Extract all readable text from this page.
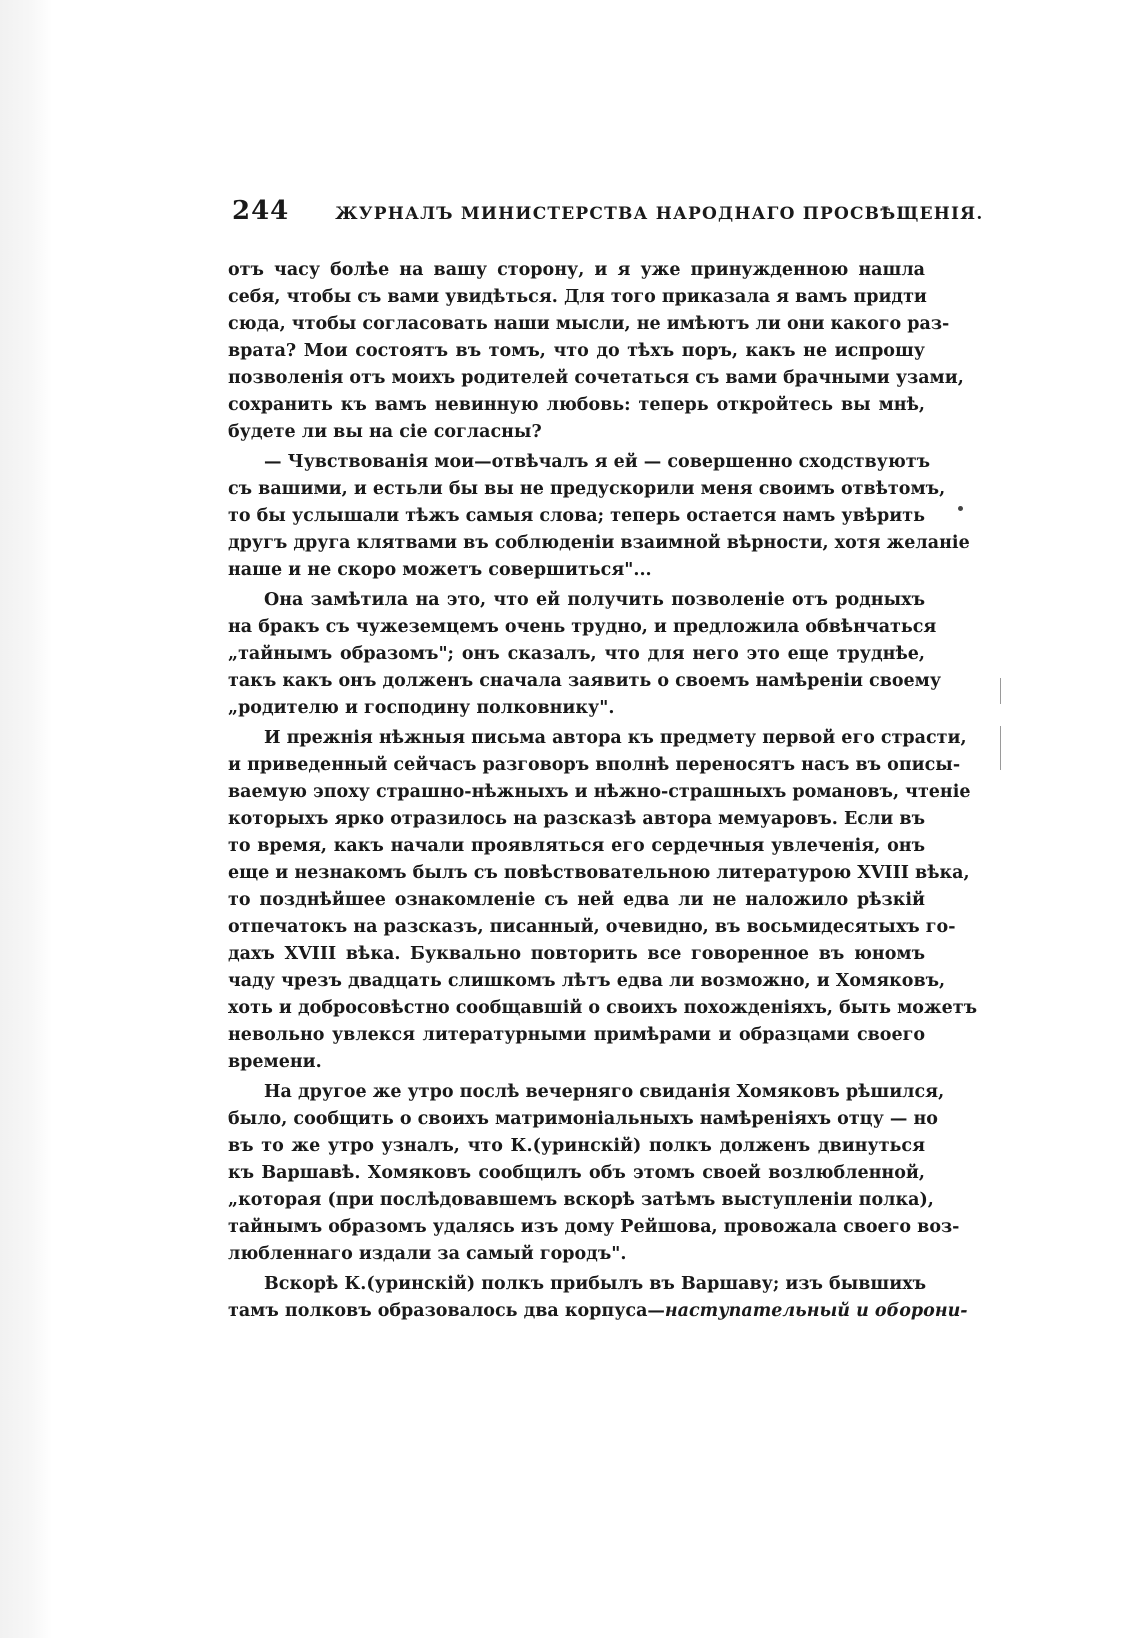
244	ЖУРНАЛЪ МИНИСТЕРСТВА НАРОДНАГО ПРОСВѢЩЕНІЯ.
отъ часу болѣе на вашу сторону, и я уже принужденною нашла
себя, чтобы съ вами увидѣться. Для того приказала я вамъ придти
сюда, чтобы согласовать наши мысли, не имѣютъ ли они какого раз-
врата? Мои состоятъ въ томъ, что до тѣхъ поръ, какъ не испрошу
позволенія отъ моихъ родителей сочетаться съ вами брачными узами,
сохранить къ вамъ невинную любовь: теперь откройтесь вы мнѣ,
будете ли вы на сіе согласны?
— Чувствованія мои—отвѣчалъ я ей — совершенно сходствуютъ
съ вашими, и естьли бы вы не предускорили меня своимъ отвѣтомъ,
то бы услышали тѣжъ самыя слова; теперь остается намъ увѣрить
другъ друга клятвами въ соблюденіи взаимной вѣрности, хотя желаніе
наше и не скоро можетъ совершиться"...
Она замѣтила на это, что ей получить позволеніе отъ родныхъ
на бракъ съ чужеземцемъ очень трудно, и предложила обвѣнчаться
„тайнымъ образомъ"; онъ сказалъ, что для него это еще труднѣе,
такъ какъ онъ долженъ сначала заявить о своемъ намѣреніи своему
„родителю и господину полковнику".
И прежнія нѣжныя письма автора къ предмету первой его страсти,
и приведенный сейчасъ разговоръ вполнѣ переносятъ насъ въ описы-
ваемую эпоху страшно-нѣжныхъ и нѣжно-страшныхъ романовъ, чтеніе
которыхъ ярко отразилось на разсказѣ автора мемуаровъ. Если въ
то время, какъ начали проявляться его сердечныя увлеченія, онъ
еще и незнакомъ былъ съ повѣствовательною литературою XVIII вѣка,
то позднѣйшее ознакомленіе съ ней едва ли не наложило рѣзкій
отпечатокъ на разсказъ, писанный, очевидно, въ восьмидесятыхъ го-
дахъ XVIII вѣка. Буквально повторить все говоренное въ юномъ
чаду чрезъ двадцать слишкомъ лѣтъ едва ли возможно, и Хомяковъ,
хоть и добросовѣстно сообщавшій о своихъ похожденіяхъ, быть можетъ
невольно увлекся литературными примѣрами и образцами своего
времени.
На другое же утро послѣ вечерняго свиданія Хомяковъ рѣшился,
было, сообщить о своихъ матримоніальныхъ намѣреніяхъ отцу — но
въ то же утро узналъ, что К.(уринскій) полкъ долженъ двинуться
къ Варшавѣ. Хомяковъ сообщилъ объ этомъ своей возлюбленной,
„которая (при послѣдовавшемъ вскорѣ затѣмъ выступленіи полка),
тайнымъ образомъ удалясь изъ дому Рейшова, провожала своего воз-
любленнаго издали за самый городъ".
Вскорѣ К.(уринскій) полкъ прибылъ въ Варшаву; изъ бывшихъ
тамъ полковъ образовалось два корпуса—наступательный и оборони-
